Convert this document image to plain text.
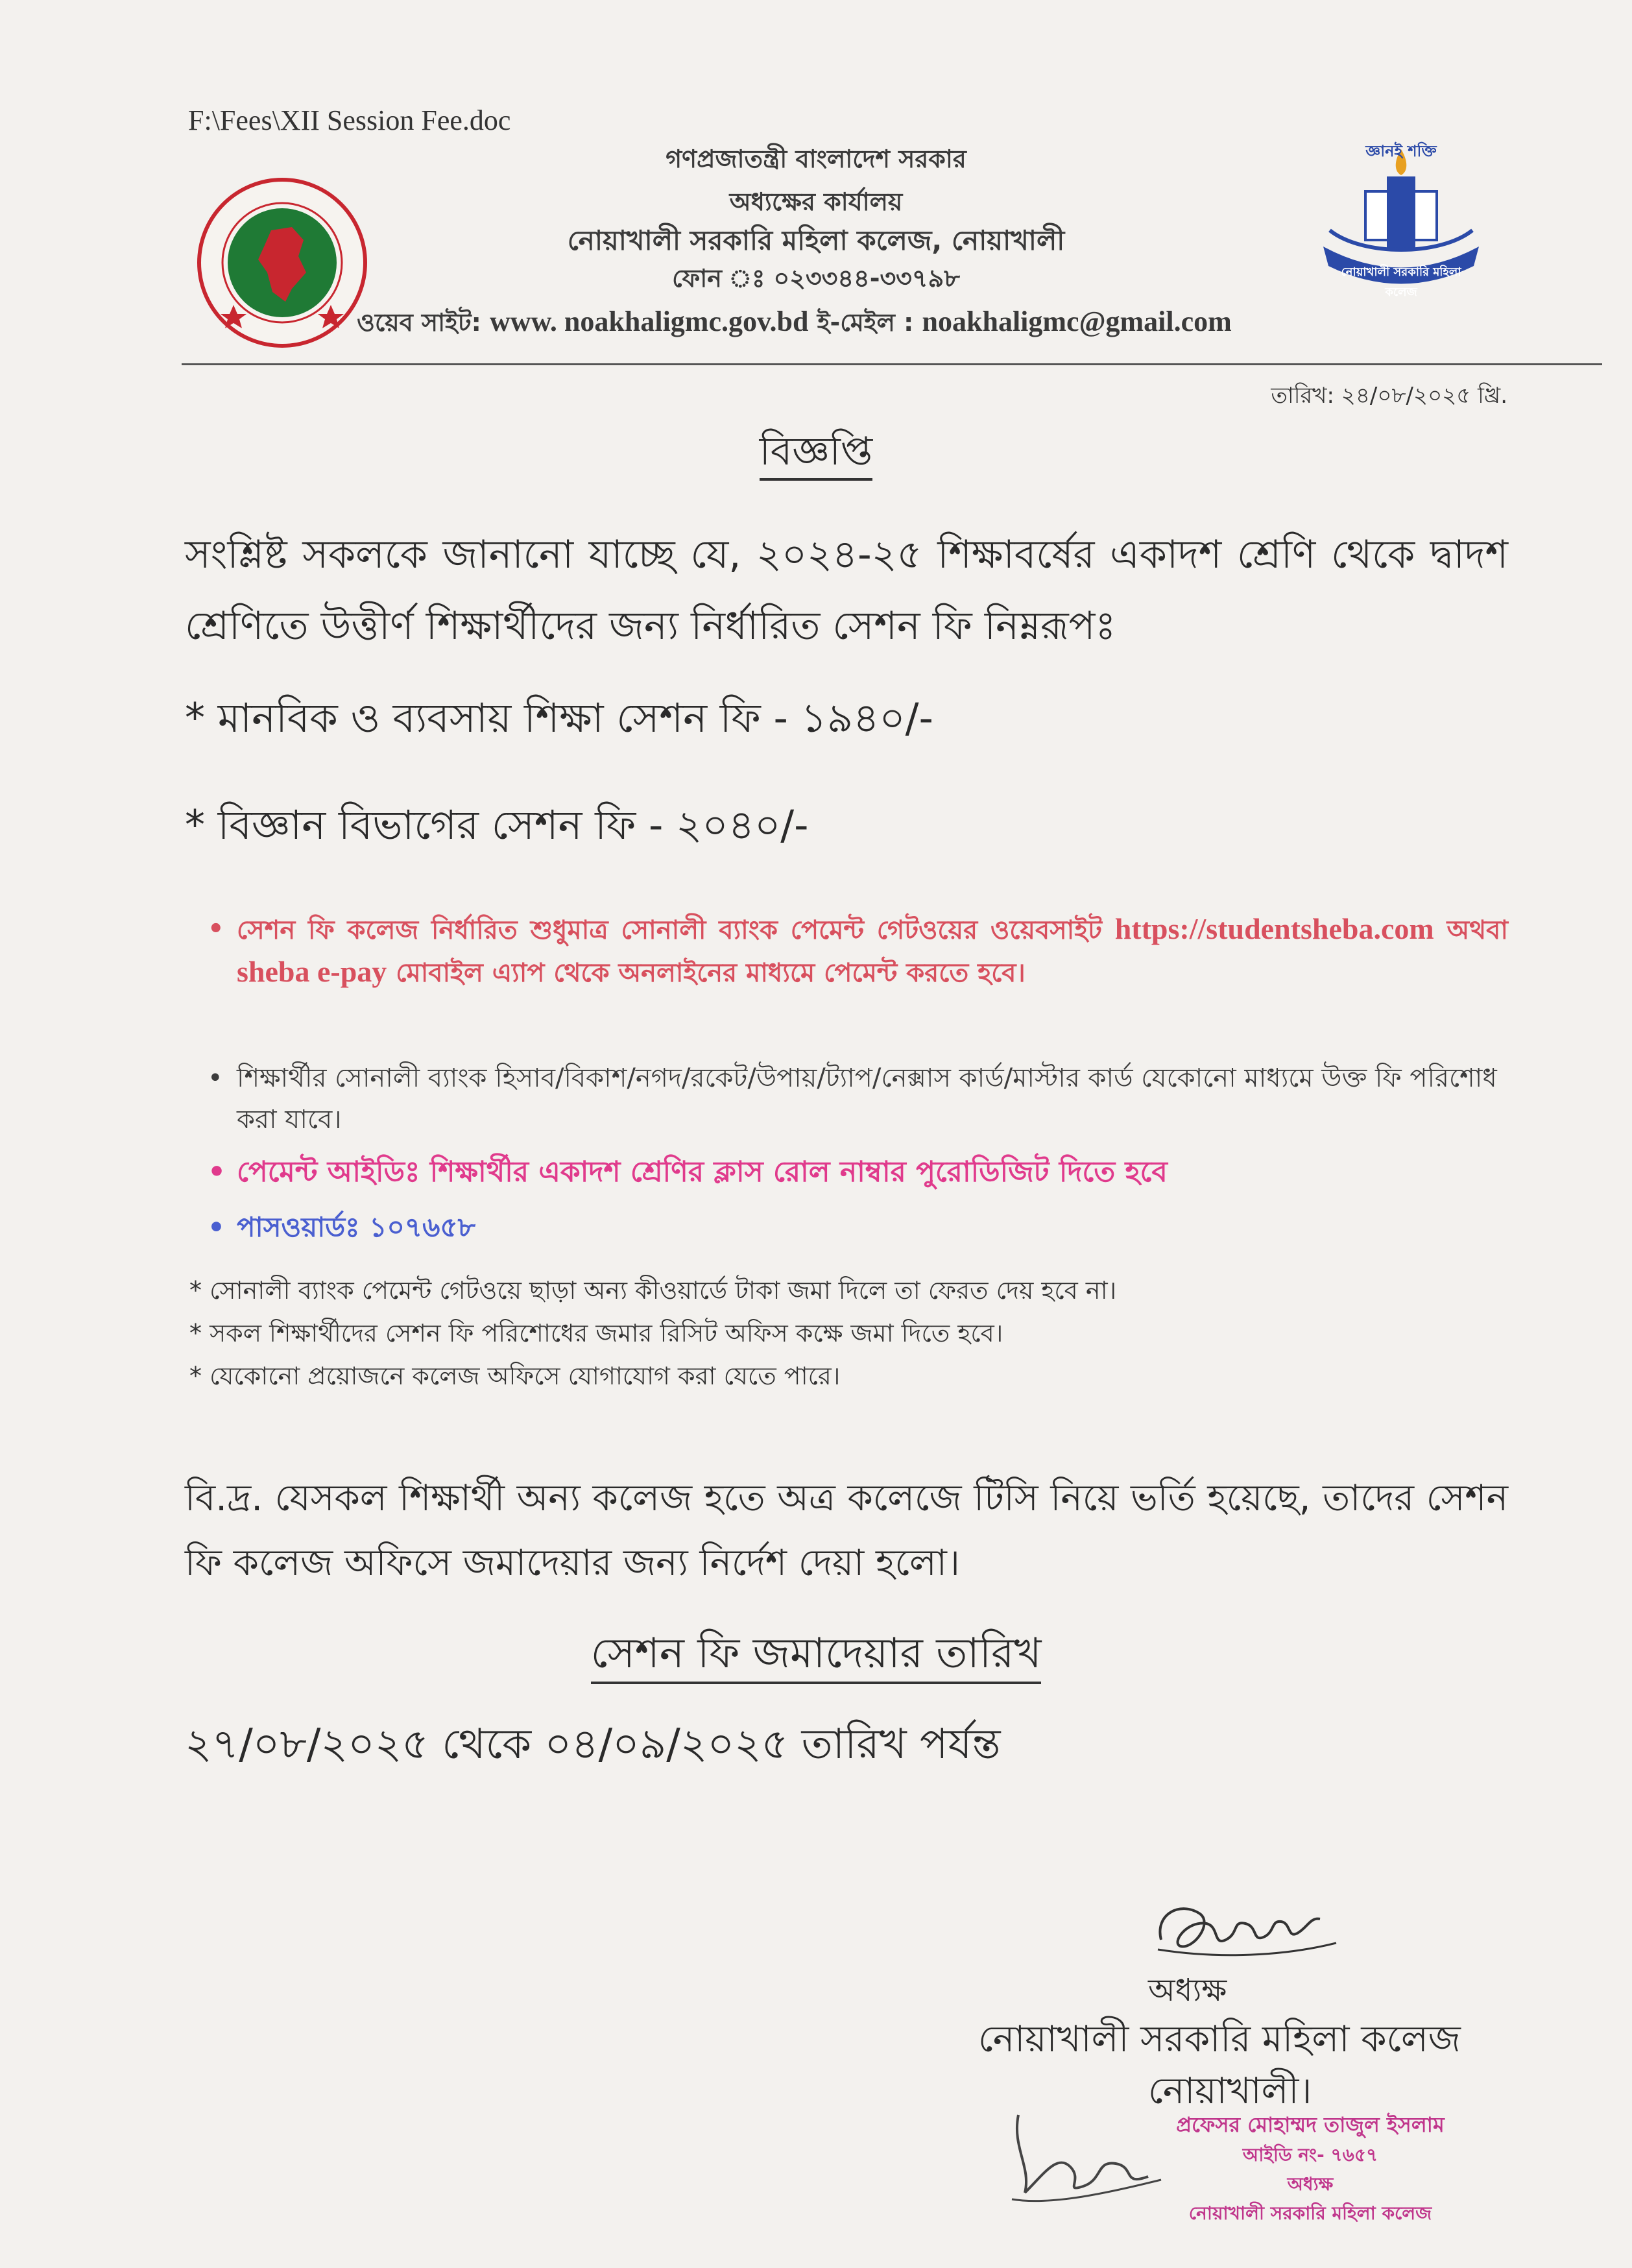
F:\Fees\XII Session Fee.doc
জ্ঞানই শক্তি
নোয়াখালী সরকারি মহিলা কলেজ
গণপ্রজাতন্ত্রী বাংলাদেশ সরকার
অধ্যক্ষের কার্যালয়
নোয়াখালী সরকারি মহিলা কলেজ, নোয়াখালী
ফোন ঃ ০২৩৩৪৪-৩৩৭৯৮
ওয়েব সাইট: www. noakhaligmc.gov.bd ই-মেইল : noakhaligmc@gmail.com
তারিখ: ২৪/০৮/২০২৫ খ্রি.
বিজ্ঞপ্তি
সংশ্লিষ্ট সকলকে জানানো যাচ্ছে যে, ২০২৪-২৫ শিক্ষাবর্ষের একাদশ শ্রেণি থেকে দ্বাদশ শ্রেণিতে উত্তীর্ণ শিক্ষার্থীদের জন্য নির্ধারিত সেশন ফি নিম্নরূপঃ
* মানবিক ও ব্যবসায় শিক্ষা সেশন ফি - ১৯৪০/-
* বিজ্ঞান বিভাগের সেশন ফি - ২০৪০/-
• সেশন ফি কলেজ নির্ধারিত শুধুমাত্র সোনালী ব্যাংক পেমেন্ট গেটওয়ের ওয়েবসাইট https://studentsheba.com অথবা sheba e-pay মোবাইল এ্যাপ থেকে অনলাইনের মাধ্যমে পেমেন্ট করতে হবে।
• শিক্ষার্থীর সোনালী ব্যাংক হিসাব/বিকাশ/নগদ/রকেট/উপায়/ট্যাপ/নেক্সাস কার্ড/মাস্টার কার্ড যেকোনো মাধ্যমে উক্ত ফি পরিশোধ করা যাবে।
• পেমেন্ট আইডিঃ শিক্ষার্থীর একাদশ শ্রেণির ক্লাস রোল নাম্বার পুরোডিজিট দিতে হবে
• পাসওয়ার্ডঃ ১০৭৬৫৮
* সোনালী ব্যাংক পেমেন্ট গেটওয়ে ছাড়া অন্য কীওয়ার্ডে টাকা জমা দিলে তা ফেরত দেয় হবে না।
* সকল শিক্ষার্থীদের সেশন ফি পরিশোধের জমার রিসিট অফিস কক্ষে জমা দিতে হবে।
* যেকোনো প্রয়োজনে কলেজ অফিসে যোগাযোগ করা যেতে পারে।
বি.দ্র. যেসকল শিক্ষার্থী অন্য কলেজ হতে অত্র কলেজে টিসি নিয়ে ভর্তি হয়েছে, তাদের সেশন ফি কলেজ অফিসে জমাদেয়ার জন্য নির্দেশ দেয়া হলো।
সেশন ফি জমাদেয়ার তারিখ
২৭/০৮/২০২৫ থেকে ০৪/০৯/২০২৫ তারিখ পর্যন্ত
অধ্যক্ষ
নোয়াখালী সরকারি মহিলা কলেজ
নোয়াখালী।
প্রফেসর মোহাম্মদ তাজুল ইসলাম
আইডি নং- ৭৬৫৭
অধ্যক্ষ
নোয়াখালী সরকারি মহিলা কলেজ
